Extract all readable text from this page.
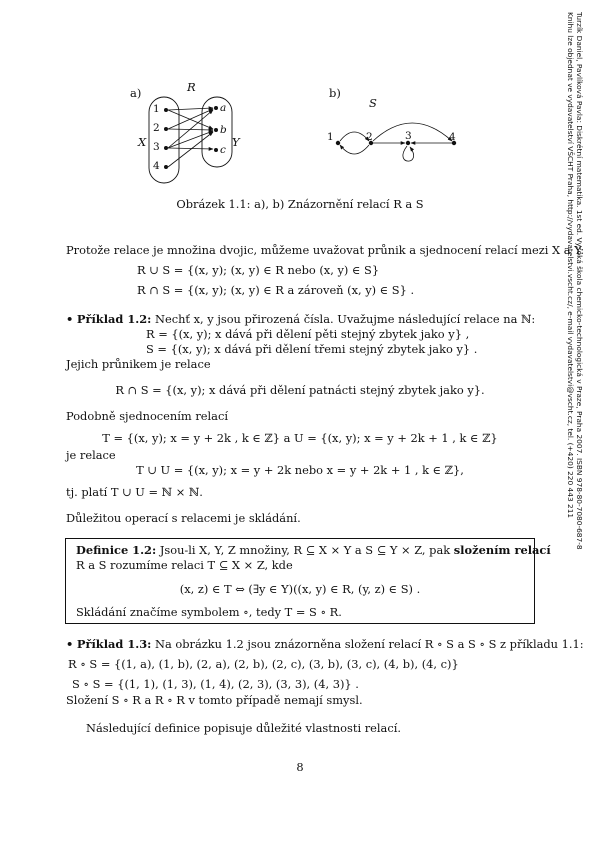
Turzík Daniel, Pavlíková Pavla: Diskrétní matematika. 1st ed. Vysoká škola chemicko-technologická v Praze, Praha 2007. ISBN 978-80-7080-687-8
Knihu lze objednat ve vydavatelství VŠCHT Praha, http://vydavatelstvi.vscht.cz/, e-mail vydavatelstvi@vscht.cz, tel. (+420) 220 443 211
a)	R
X	Y
1
2
3
4
a
b
c
b)
S
1	2	3	4
Obrázek 1.1: a), b) Znázornění relací R a S
Protože relace je množina dvojic, můžeme uvažovat průnik a sjednocení relací mezi X a Y:
R ∪ S = {(x, y); (x, y) ∈ R nebo (x, y) ∈ S}
R ∩ S = {(x, y); (x, y) ∈ R a zároveň (x, y) ∈ S} .
• Příklad 1.2: Nechť x, y jsou přirozená čísla. Uvažujme následující relace na ℕ:
R = {(x, y); x dává při dělení pěti stejný zbytek jako y} ,
S = {(x, y); x dává při dělení třemi stejný zbytek jako y} .
Jejich průnikem je relace
R ∩ S = {(x, y); x dává při dělení patnácti stejný zbytek jako y}.
Podobně sjednocením relací
T = {(x, y); x = y + 2k , k ∈ ℤ} a U = {(x, y); x = y + 2k + 1 , k ∈ ℤ}
je relace
T ∪ U = {(x, y); x = y + 2k nebo x = y + 2k + 1 , k ∈ ℤ},
tj. platí T ∪ U = ℕ × ℕ.
Důležitou operací s relacemi je skládání.
Definice 1.2: Jsou-li X, Y, Z množiny, R ⊆ X × Y a S ⊆ Y × Z, pak složením relací
R a S rozumíme relaci T ⊆ X × Z, kde
(x, z) ∈ T ⇔ (∃y ∈ Y)((x, y) ∈ R, (y, z) ∈ S) .
Skládání značíme symbolem ∘, tedy T = S ∘ R.
• Příklad 1.3: Na obrázku 1.2 jsou znázorněna složení relací R ∘ S a S ∘ S z příkladu 1.1:
R ∘ S = {(1, a), (1, b), (2, a), (2, b), (2, c), (3, b), (3, c), (4, b), (4, c)}
S ∘ S = {(1, 1), (1, 3), (1, 4), (2, 3), (3, 3), (4, 3)} .
Složení S ∘ R a R ∘ R v tomto případě nemají smysl.
Následující definice popisuje důležité vlastnosti relací.
8
